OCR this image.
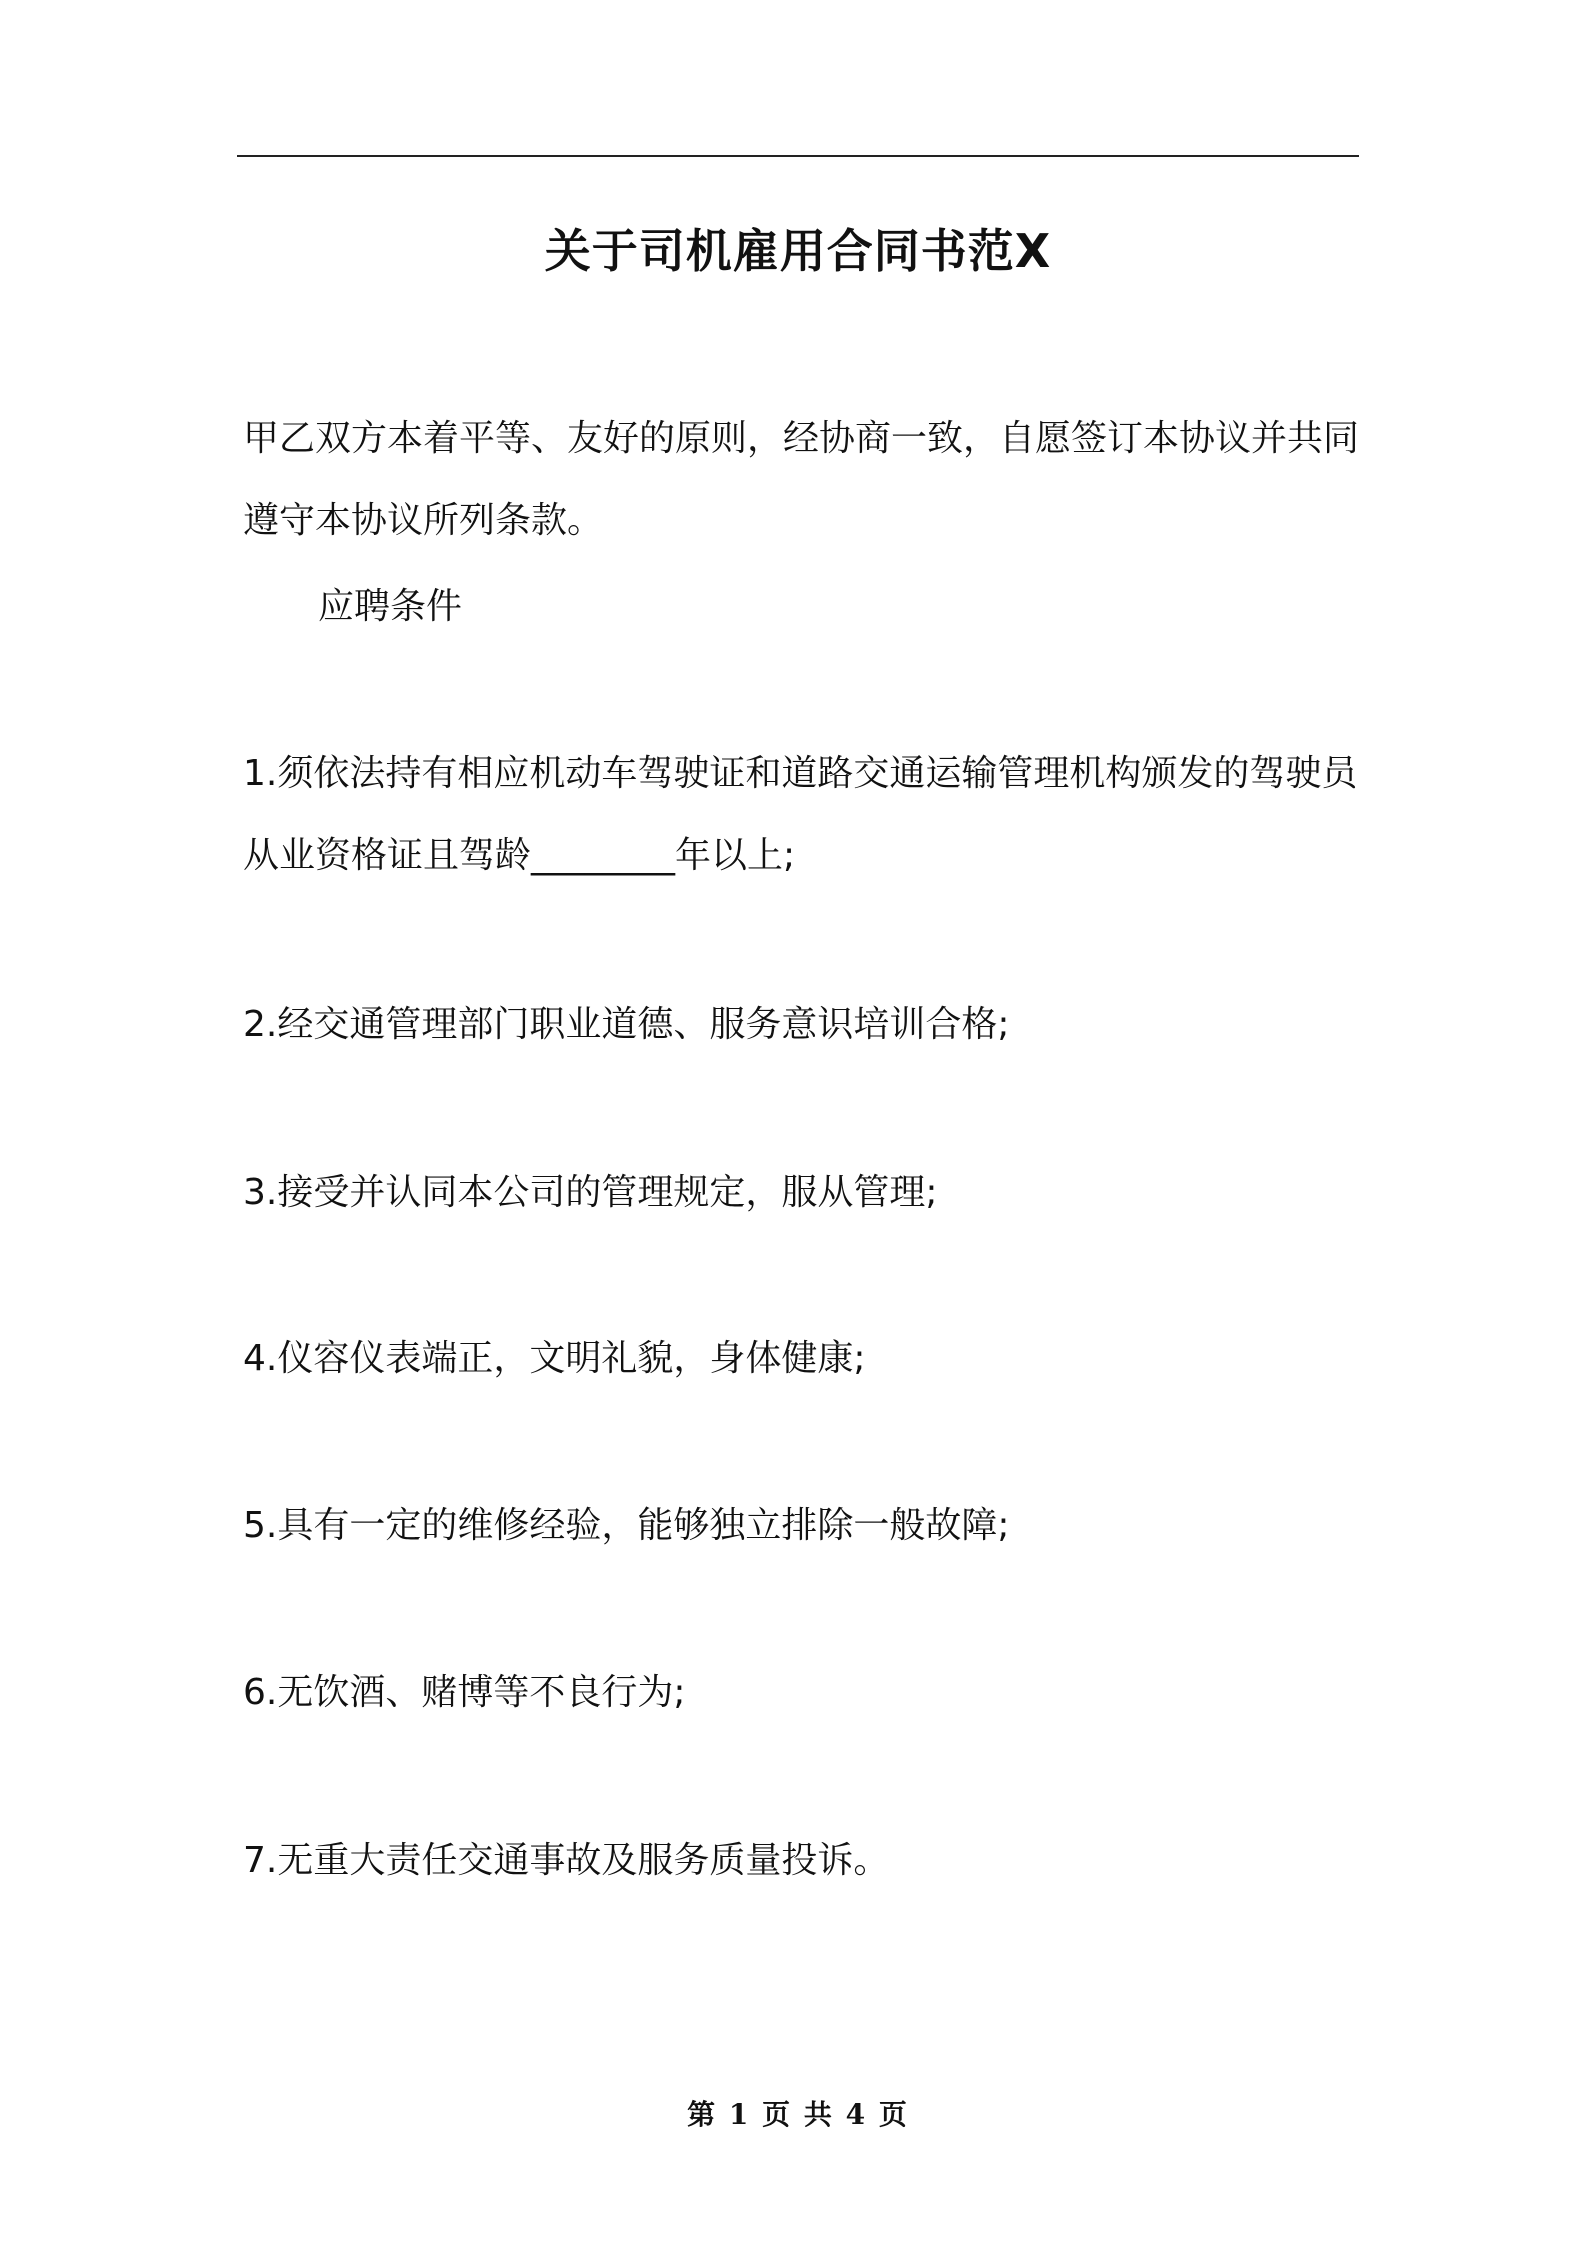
关于司机雇用合同书范X

甲乙双方本着平等、友好的原则，经协商一致，自愿签订本协议并共同遵守本协议所列条款。

应聘条件

1.须依法持有相应机动车驾驶证和道路交通运输管理机构颁发的驾驶员从业资格证且驾龄________年以上;

2.经交通管理部门职业道德、服务意识培训合格;

3.接受并认同本公司的管理规定，服从管理;

4.仪容仪表端正，文明礼貌，身体健康;

5.具有一定的维修经验，能够独立排除一般故障;

6.无饮酒、赌博等不良行为;

7.无重大责任交通事故及服务质量投诉。

第 1 页 共 4 页
